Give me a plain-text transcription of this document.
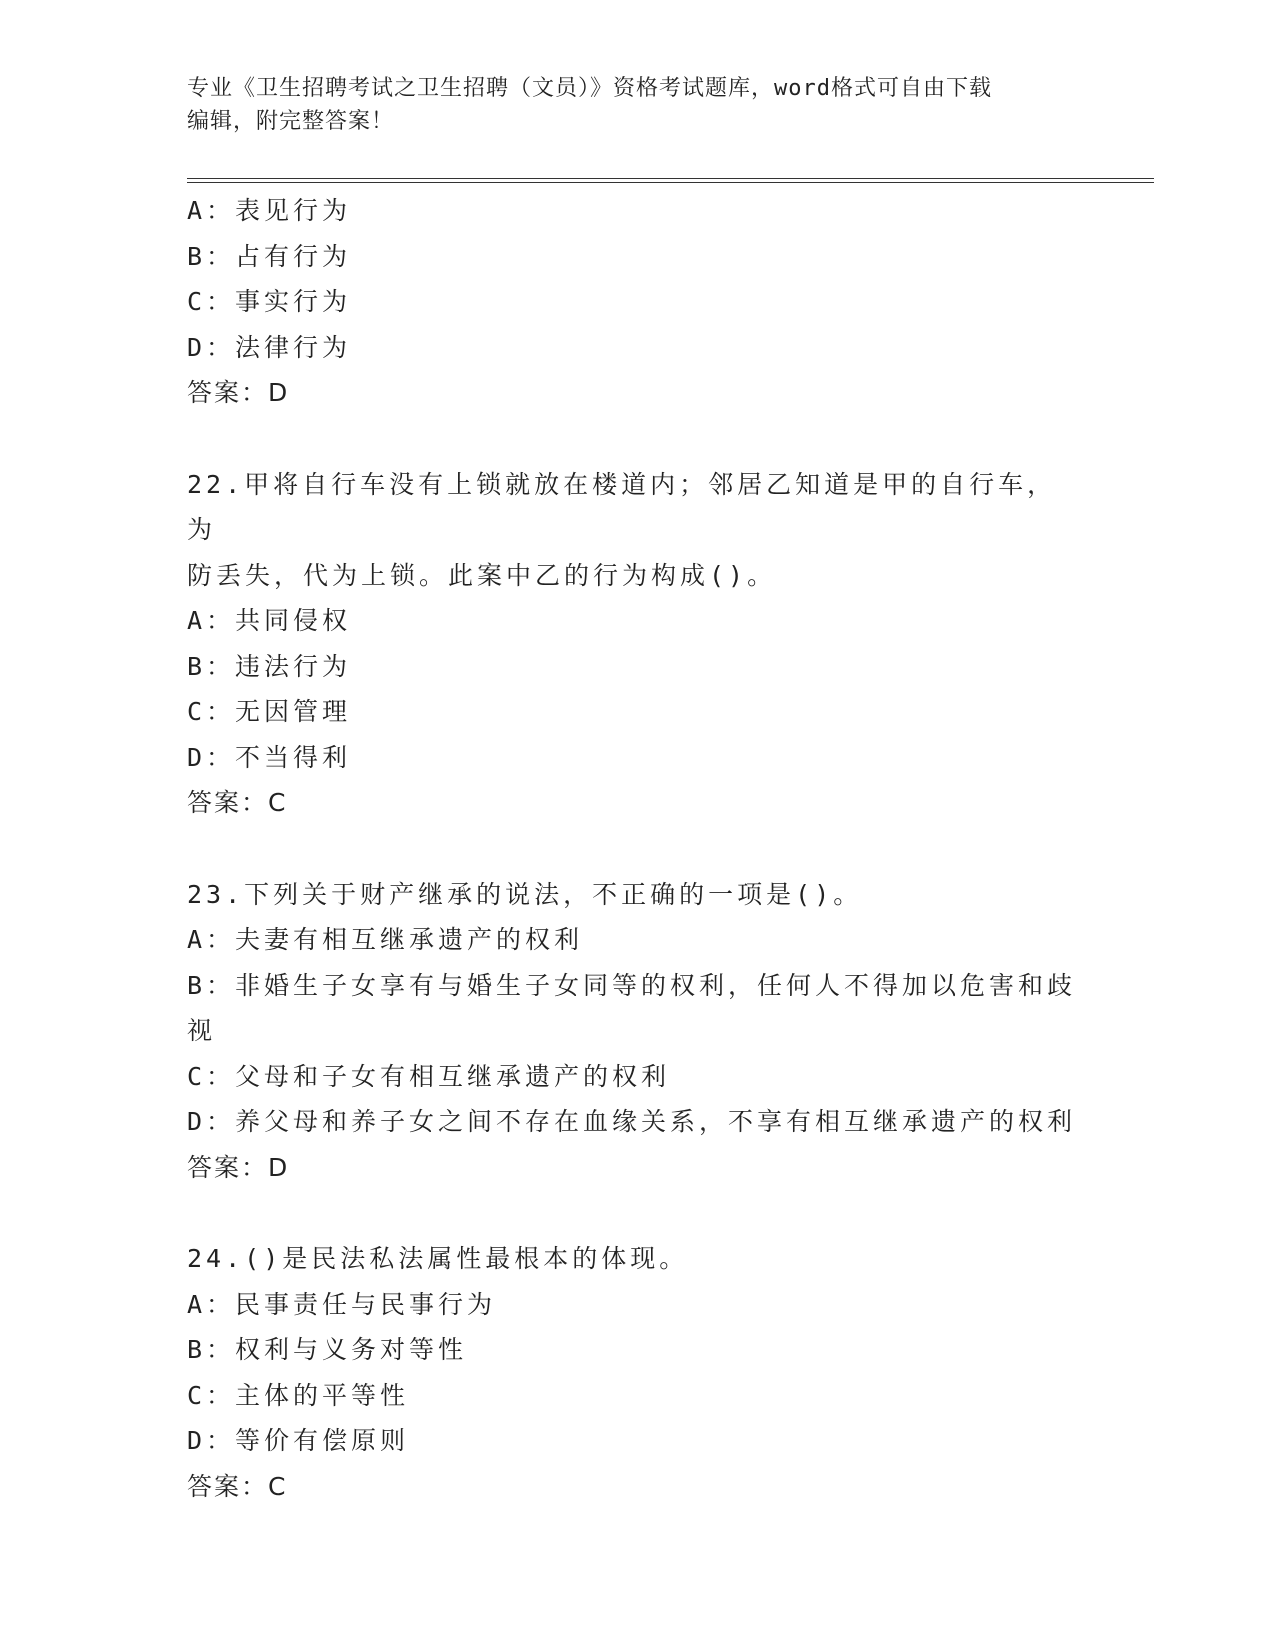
专业《卫生招聘考试之卫生招聘（文员）》资格考试题库，word格式可自由下载
编辑，附完整答案！
A：表见行为
B：占有行为
C：事实行为
D：法律行为
答案：D
22.甲将自行车没有上锁就放在楼道内；邻居乙知道是甲的自行车，为
防丢失，代为上锁。此案中乙的行为构成()。
A：共同侵权
B：违法行为
C：无因管理
D：不当得利
答案：C
23.下列关于财产继承的说法，不正确的一项是()。
A：夫妻有相互继承遗产的权利
B：非婚生子女享有与婚生子女同等的权利，任何人不得加以危害和歧
视
C：父母和子女有相互继承遗产的权利
D：养父母和养子女之间不存在血缘关系，不享有相互继承遗产的权利
答案：D
24.()是民法私法属性最根本的体现。
A：民事责任与民事行为
B：权利与义务对等性
C：主体的平等性
D：等价有偿原则
答案：C
